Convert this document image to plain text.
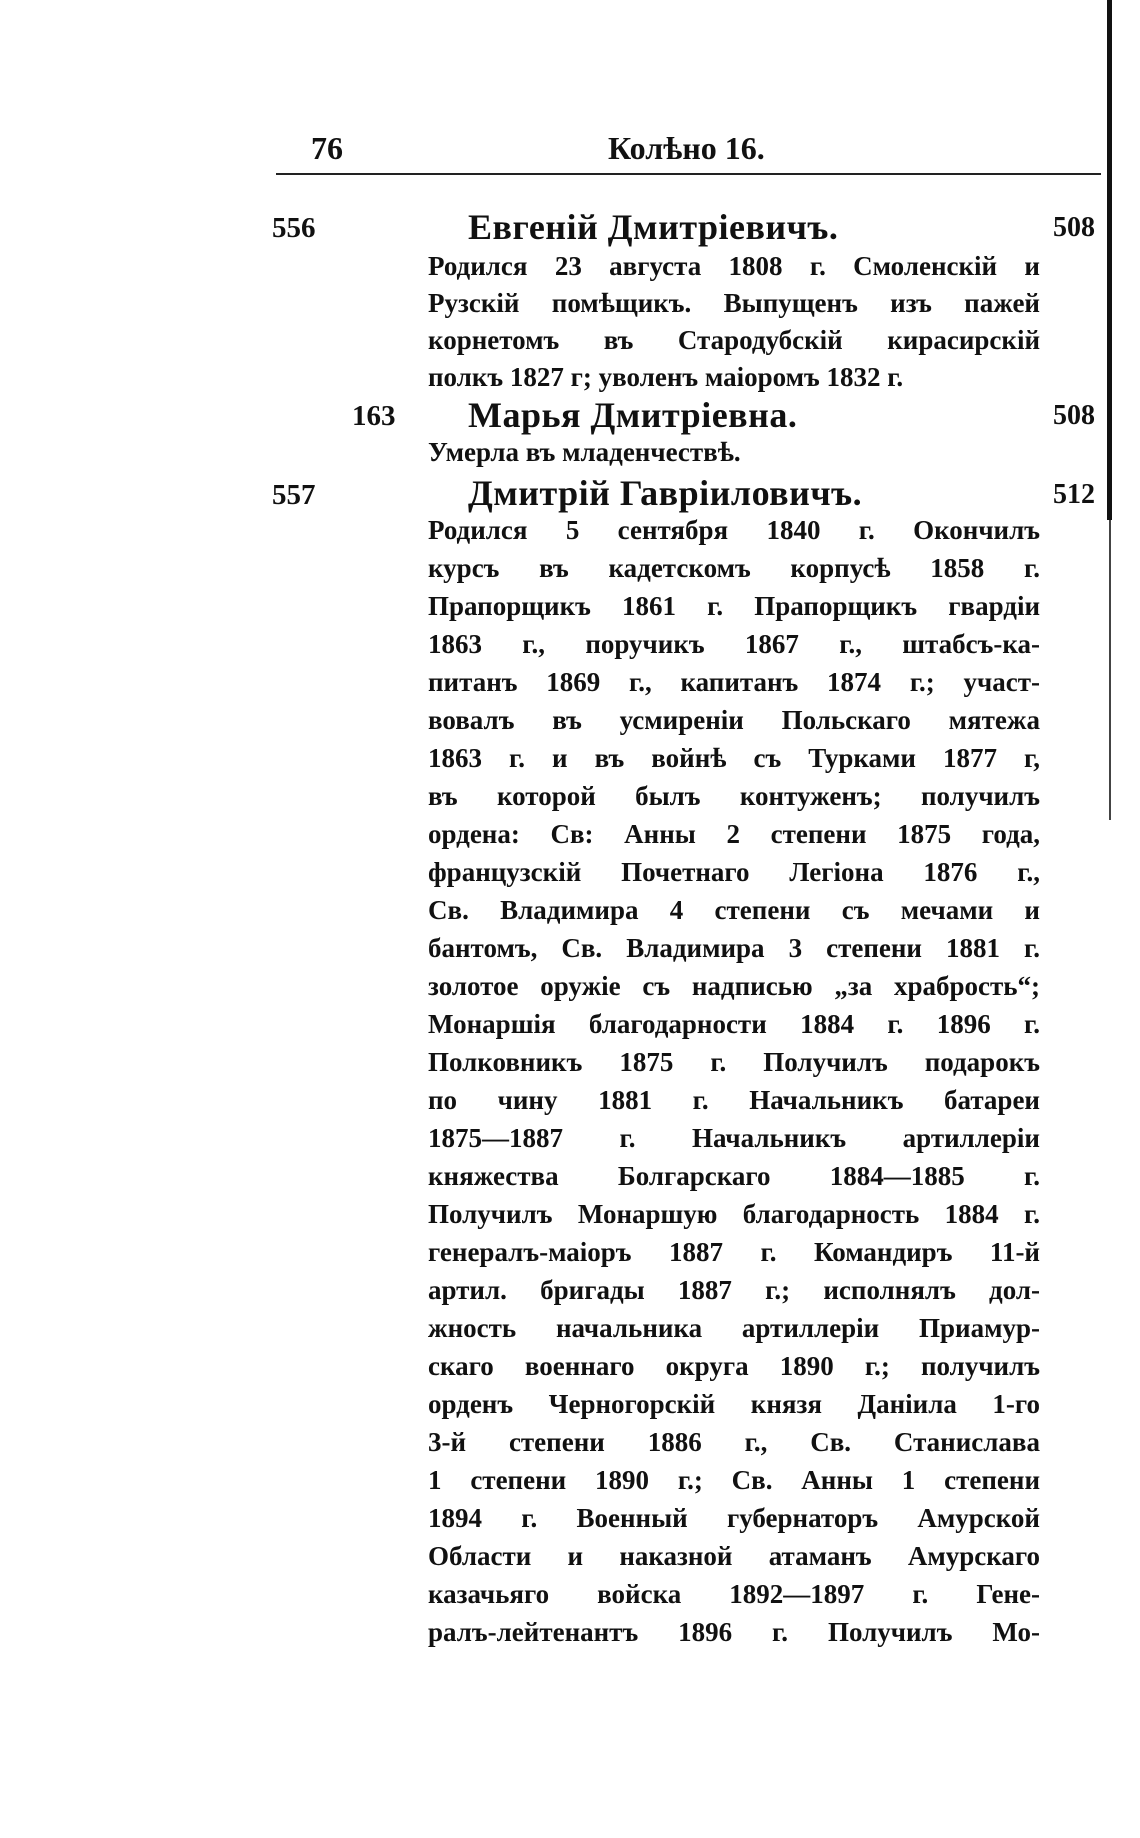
76	Колѣно 16.
556	Евгеній Дмитріевичъ.	508
Родился 23 августа 1808 г. Смоленскій и
Рузскій помѣщикъ. Выпущенъ изъ пажей
корнетомъ въ Стародубскій кирасирскій
полкъ 1827 г; уволенъ маіоромъ 1832 г.
163 Марья Дмитріевна.	508
Умерла въ младенчествѣ.
557	Дмитрій Гавріиловичъ.	512
Родился 5 сентября 1840 г. Окончилъ
курсъ въ кадетскомъ корпусѣ 1858 г.
Прапорщикъ 1861 г. Прапорщикъ гвардіи
1863 г., поручикъ 1867 г., штабсъ-ка-
питанъ 1869 г., капитанъ 1874 г.; участ-
вовалъ въ усмиреніи Польскаго мятежа
1863 г. и въ войнѣ съ Турками 1877 г,
въ которой былъ контуженъ; получилъ
ордена: Св: Анны 2 степени 1875 года,
французскій Почетнаго Легіона 1876 г.,
Св. Владимира 4 степени съ мечами и
бантомъ, Св. Владимира 3 степени 1881 г.
золотое оружіе съ надписью „за храбрость“;
Монаршія благодарности 1884 г. 1896 г.
Полковникъ 1875 г. Получилъ подарокъ
по чину 1881 г. Начальникъ батареи
1875—1887 г. Начальникъ артиллеріи
княжества Болгарскаго 1884—1885 г.
Получилъ Монаршую благодарность 1884 г.
генералъ-маіоръ 1887 г. Командиръ 11-й
артил. бригады 1887 г.; исполнялъ дол-
жность начальника артиллеріи Приамур-
скаго военнаго округа 1890 г.; получилъ
орденъ Черногорскій князя Даніила 1-го
3-й степени 1886 г., Св. Станислава
1 степени 1890 г.; Св. Анны 1 степени
1894 г. Военный губернаторъ Амурской
Области и наказной атаманъ Амурскаго
казачьяго войска 1892—1897 г. Гене-
ралъ-лейтенантъ 1896 г. Получилъ Мо-
